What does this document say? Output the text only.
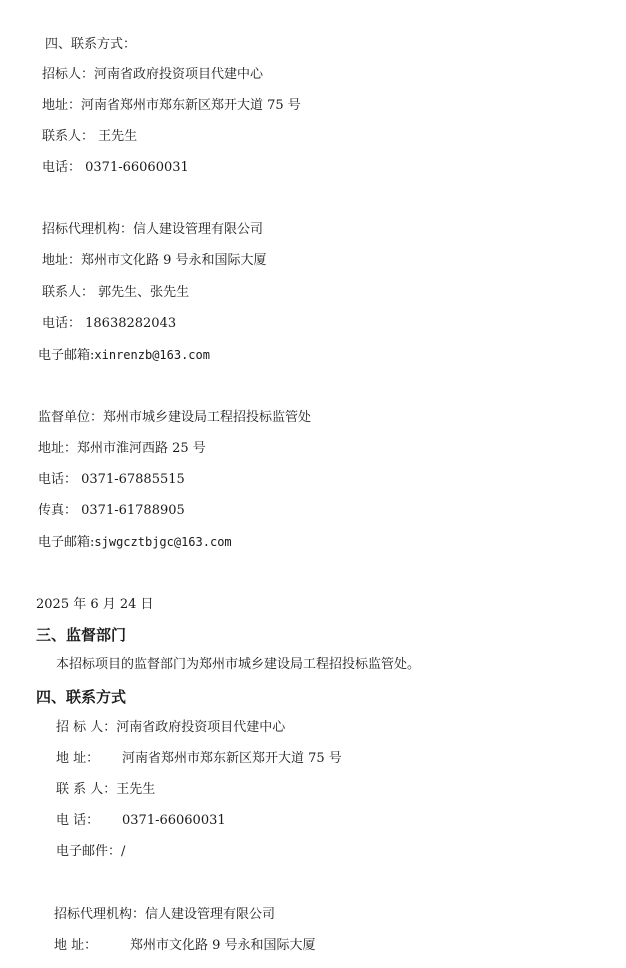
四、联系方式：
招标人：河南省政府投资项目代建中心
地址：河南省郑州市郑东新区郑开大道 75 号
联系人： 王先生
电话： 0371-66060031
招标代理机构：信人建设管理有限公司
地址：郑州市文化路 9 号永和国际大厦
联系人： 郭先生、张先生
电话： 18638282043
电子邮箱:xinrenzb@163.com
监督单位：郑州市城乡建设局工程招投标监管处
地址：郑州市淮河西路 25 号
电话： 0371-67885515
传真： 0371-61788905
电子邮箱:sjwgcztbjgc@163.com
2025 年 6 月 24 日
三、监督部门
本招标项目的监督部门为郑州市城乡建设局工程招投标监管处。
四、联系方式
招 标 人：河南省政府投资项目代建中心
地 址： 河南省郑州市郑东新区郑开大道 75 号
联 系 人：王先生
电 话： 0371-66060031
电子邮件：/
招标代理机构：信人建设管理有限公司
地 址：	郑州市文化路 9 号永和国际大厦
